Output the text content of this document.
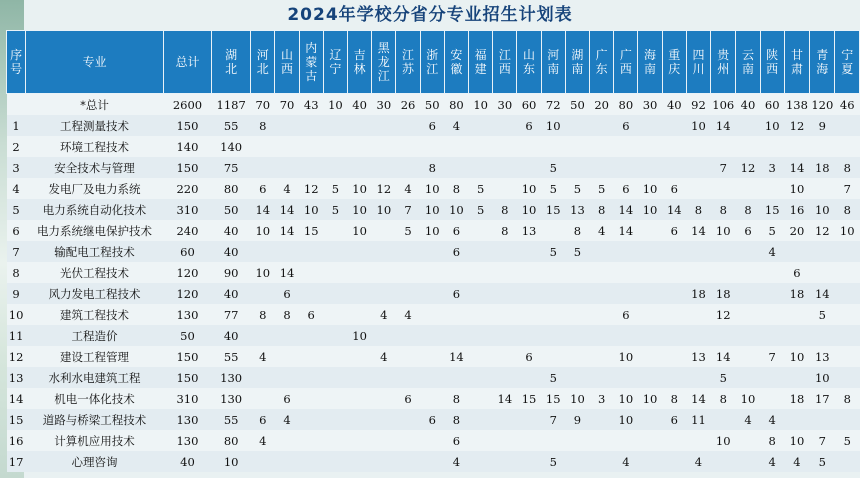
2024年学校分省分专业招生计划表
序号	专业	总计	湖北	河北	山西	内蒙古	辽宁	吉林	黑龙江	江苏	浙江	安徽	福建	江西	山东	河南	湖南	广东	广西	海南	重庆	四川	贵州	云南	陕西	甘肃	青海	宁夏

	*总计	2600	1187	70	70	43	10	40	30	26	50	80	10	30	60	72	50	20	80	30	40	92	106	40	60	138	120	46
1	工程测量技术	150	55	8							6	4			6	10			6			10	14		10	12	9	
2	环境工程技术	140	140																									
3	安全技术与管理	150	75								8					5							7	12	3	14	18	8
4	发电厂及电力系统	220	80	6	4	12	5	10	12	4	10	8	5		10	5	5	5	6	10	6					10		7
5	电力系统自动化技术	310	50	14	14	10	5	10	10	7	10	10	5	8	10	15	13	8	14	10	14	8	8	8	15	16	10	8
6	电力系统继电保护技术	240	40	10	14	15		10		5	10	6		8	13		8	4	14		6	14	10	6	5	20	12	10
7	输配电工程技术	60	40									6				5	5								4			
8	光伏工程技术	120	90	10	14																					6		
9	风力发电工程技术	120	40		6							6										18	18			18	14	
10	建筑工程技术	130	77	8	8	6			4	4									6				12				5	
11	工程造价	50	40					10																				
12	建设工程管理	150	55	4					4			14			6				10			13	14		7	10	13	
13	水利水电建筑工程	150	130													5							5				10	
14	机电一体化技术	310	130		6					6		8		14	15	15	10	3	10	10	8	14	8	10		18	17	8
15	道路与桥梁工程技术	130	55	6	4						6	8				7	9		10		6	11		4	4			
16	计算机应用技术	130	80	4								6											10		8	10	7	5
17	心理咨询	40	10									4				5			4			4			4	4	5	
